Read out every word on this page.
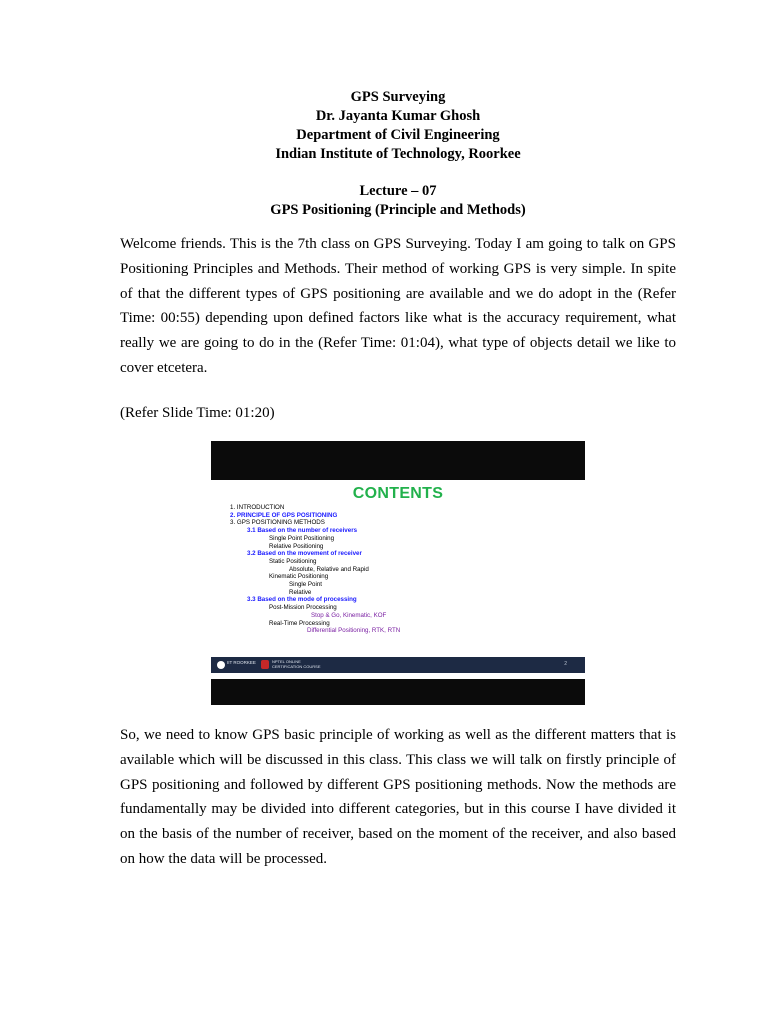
GPS Surveying
Dr. Jayanta Kumar Ghosh
Department of Civil Engineering
Indian Institute of Technology, Roorkee
Lecture – 07
GPS Positioning (Principle and Methods)

Welcome friends. This is the 7th class on GPS Surveying. Today I am going to talk on GPS Positioning Principles and Methods. Their method of working GPS is very simple. In spite of that the different types of GPS positioning are available and we do adopt in the (Refer Time: 00:55) depending upon defined factors like what is the accuracy requirement, what really we are going to do in the (Refer Time: 01:04), what type of objects detail we like to cover etcetera.

(Refer Slide Time: 01:20)

CONTENTS
1. INTRODUCTION
2. PRINCIPLE OF GPS POSITIONING
3. GPS POSITIONING METHODS
3.1 Based on the number of receivers
Single Point Positioning
Relative Positioning
3.2 Based on the movement of receiver
Static Positioning
Absolute, Relative and Rapid
Kinematic Positioning
Single Point
Relative
3.3 Based on the mode of processing
Post-Mission Processing
Stop & Go, Kinematic, KOF
Real-Time Processing
Differential Positioning, RTK, RTN
IIT ROORKEE	NPTEL ONLINE CERTIFICATION COURSE	2

So, we need to know GPS basic principle of working as well as the different matters that is available which will be discussed in this class. This class we will talk on firstly principle of GPS positioning and followed by different GPS positioning methods. Now the methods are fundamentally may be divided into different categories, but in this course I have divided it on the basis of the number of receiver, based on the moment of the receiver, and also based on how the data will be processed.
